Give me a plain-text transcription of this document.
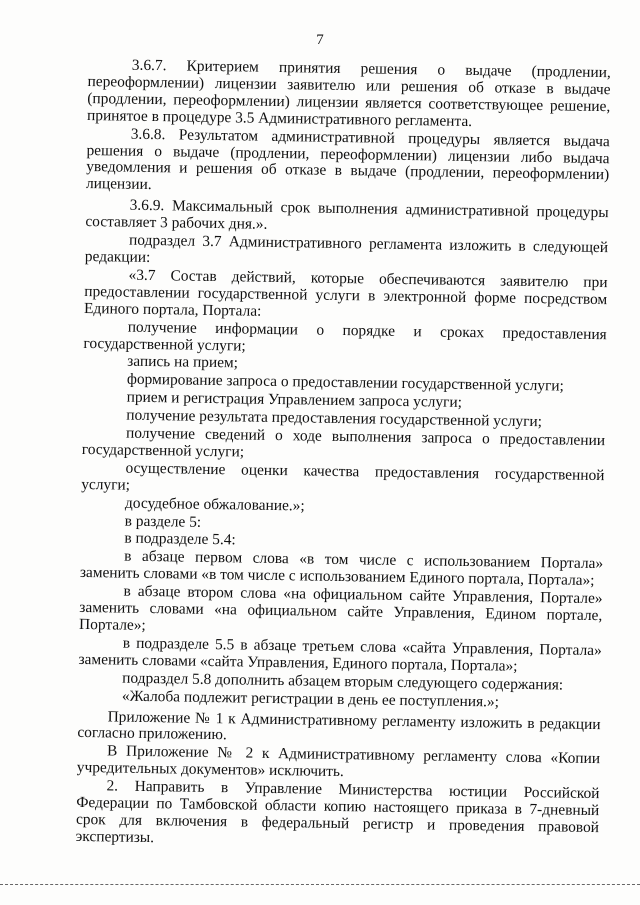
7

3.6.7. Критерием принятия решения о выдаче (продлении, переоформлении) лицензии заявителю или решения об отказе в выдаче (продлении, переоформлении) лицензии является соответствующее решение, принятое в процедуре 3.5 Административного регламента.

3.6.8. Результатом административной процедуры является выдача решения о выдаче (продлении, переоформлении) лицензии либо выдача уведомления и решения об отказе в выдаче (продлении, переоформлении) лицензии.

3.6.9. Максимальный срок выполнения административной процедуры составляет 3 рабочих дня.».

подраздел 3.7 Административного регламента изложить в следующей редакции:

«3.7 Состав действий, которые обеспечиваются заявителю при предоставлении государственной услуги в электронной форме посредством Единого портала, Портала:

получение информации о порядке и сроках предоставления государственной услуги;

запись на прием;

формирование запроса о предоставлении государственной услуги;

прием и регистрация Управлением запроса услуги;

получение результата предоставления государственной услуги;

получение сведений о ходе выполнения запроса о предоставлении государственной услуги;

осуществление оценки качества предоставления государственной услуги;

досудебное обжалование.»;

в разделе 5:

в подразделе 5.4:

в абзаце первом слова «в том числе с использованием Портала» заменить словами «в том числе с использованием Единого портала, Портала»;

в абзаце втором слова «на официальном сайте Управления, Портале» заменить словами «на официальном сайте Управления, Едином портале, Портале»;

в подразделе 5.5 в абзаце третьем слова «сайта Управления, Портала» заменить словами «сайта Управления, Единого портала, Портала»;

подраздел 5.8 дополнить абзацем вторым следующего содержания:

«Жалоба подлежит регистрации в день ее поступления.»;

Приложение № 1 к Административному регламенту изложить в редакции согласно приложению.

В Приложение № 2 к Административному регламенту слова «Копии учредительных документов» исключить.

2. Направить в Управление Министерства юстиции Российской Федерации по Тамбовской области копию настоящего приказа в 7-дневный срок для включения в федеральный регистр и проведения правовой экспертизы.
